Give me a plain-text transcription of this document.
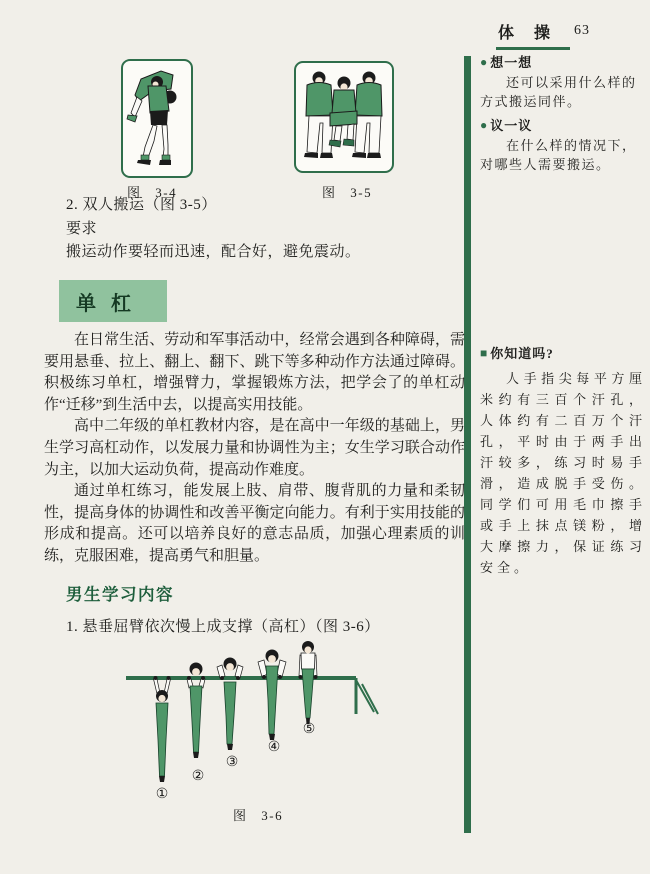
体操 63
● 想一想

还可以采用什么样的方式搬运同伴。

● 议一议

在什么样的情况下，对哪些人需要搬运。

■ 你知道吗?

人手指尖每平方厘米约有三百个汗孔，人体约有二百万个汗孔，平时由于两手出汗较多，练习时易手滑，造成脱手受伤。同学们可用毛巾擦手或手上抹点镁粉，增大摩擦力，保证练习安全。

图 3-4	图 3-5

2. 双人搬运（图 3-5）

要求

搬运动作要轻而迅速，配合好，避免震动。

单杠

在日常生活、劳动和军事活动中，经常会遇到各种障碍，需要用悬垂、拉上、翻上、翻下、跳下等多种动作方法通过障碍。积极练习单杠，增强臂力，掌握锻炼方法，把学会了的单杠动作“迁移”到生活中去，以提高实用技能。

高中二年级的单杠教材内容，是在高中一年级的基础上，男生学习高杠动作，以发展力量和协调性为主；女生学习联合动作为主，以加大运动负荷，提高动作难度。

通过单杠练习，能发展上肢、肩带、腹背肌的力量和柔韧性，提高身体的协调性和改善平衡定向能力。有利于实用技能的形成和提高。还可以培养良好的意志品质，加强心理素质的训练，克服困难，提高勇气和胆量。

男生学习内容
1. 悬垂屈臂依次慢上成支撑（高杠）（图 3-6）
①
②
③
④
⑤
图 3-6
